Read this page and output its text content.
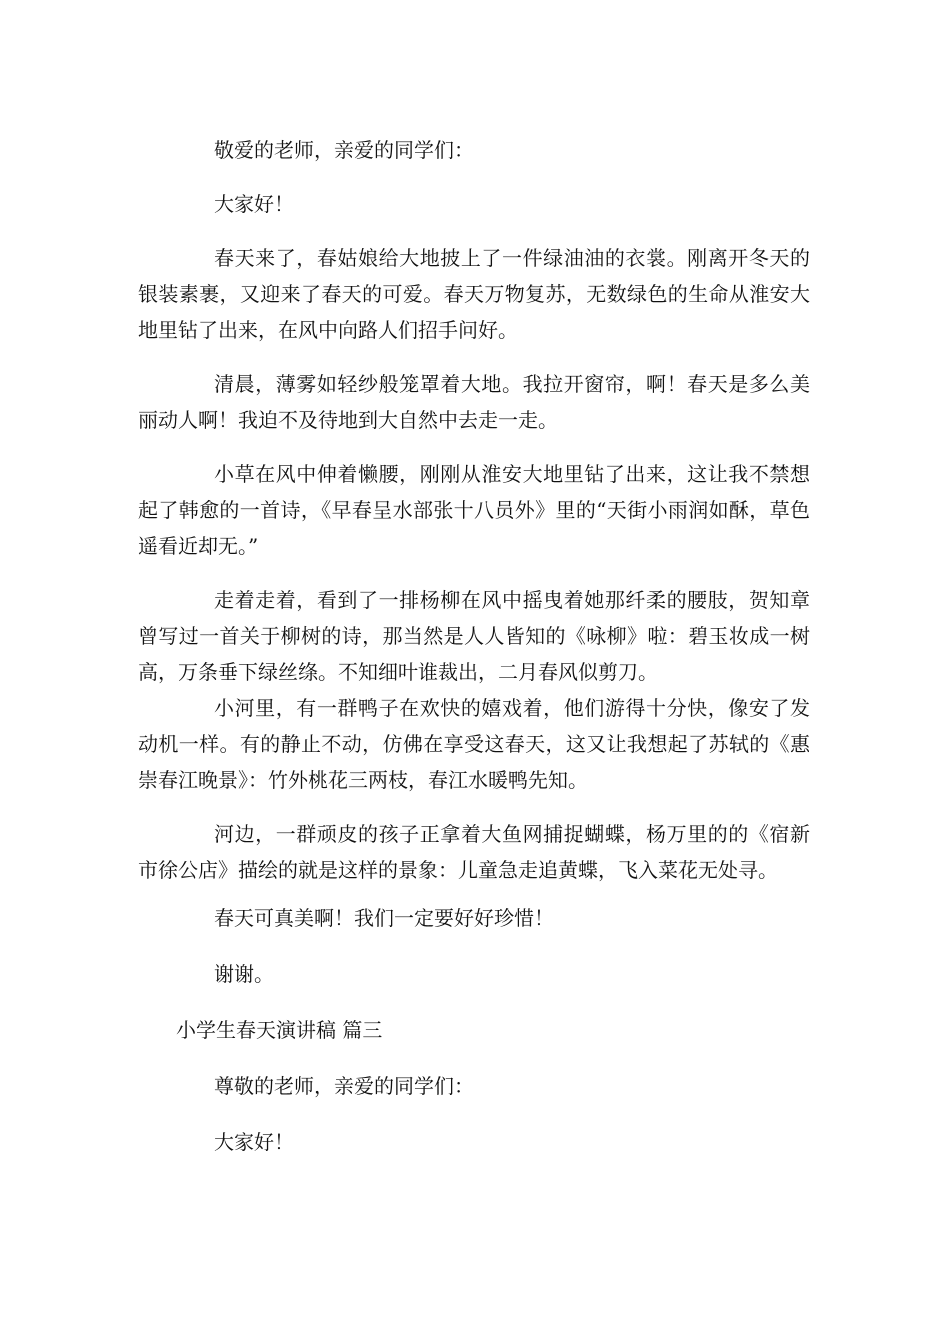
敬爱的老师，亲爱的同学们：

大家好！

春天来了，春姑娘给大地披上了一件绿油油的衣裳。刚离开冬天的银装素裹，又迎来了春天的可爱。春天万物复苏，无数绿色的生命从淮安大地里钻了出来，在风中向路人们招手问好。

清晨，薄雾如轻纱般笼罩着大地。我拉开窗帘，啊！春天是多么美丽动人啊！我迫不及待地到大自然中去走一走。

小草在风中伸着懒腰，刚刚从淮安大地里钻了出来，这让我不禁想起了韩愈的一首诗，《早春呈水部张十八员外》里的“天街小雨润如酥，草色遥看近却无。”

走着走着，看到了一排杨柳在风中摇曳着她那纤柔的腰肢，贺知章曾写过一首关于柳树的诗，那当然是人人皆知的《咏柳》啦：碧玉妆成一树高，万条垂下绿丝绦。不知细叶谁裁出，二月春风似剪刀。

小河里，有一群鸭子在欢快的嬉戏着，他们游得十分快，像安了发动机一样。有的静止不动，仿佛在享受这春天，这又让我想起了苏轼的《惠崇春江晚景》：竹外桃花三两枝，春江水暖鸭先知。

河边，一群顽皮的孩子正拿着大鱼网捕捉蝴蝶，杨万里的的《宿新市徐公店》描绘的就是这样的景象：儿童急走追黄蝶，飞入菜花无处寻。

春天可真美啊！我们一定要好好珍惜！

谢谢。

小学生春天演讲稿 篇三

尊敬的老师，亲爱的同学们：

大家好！
